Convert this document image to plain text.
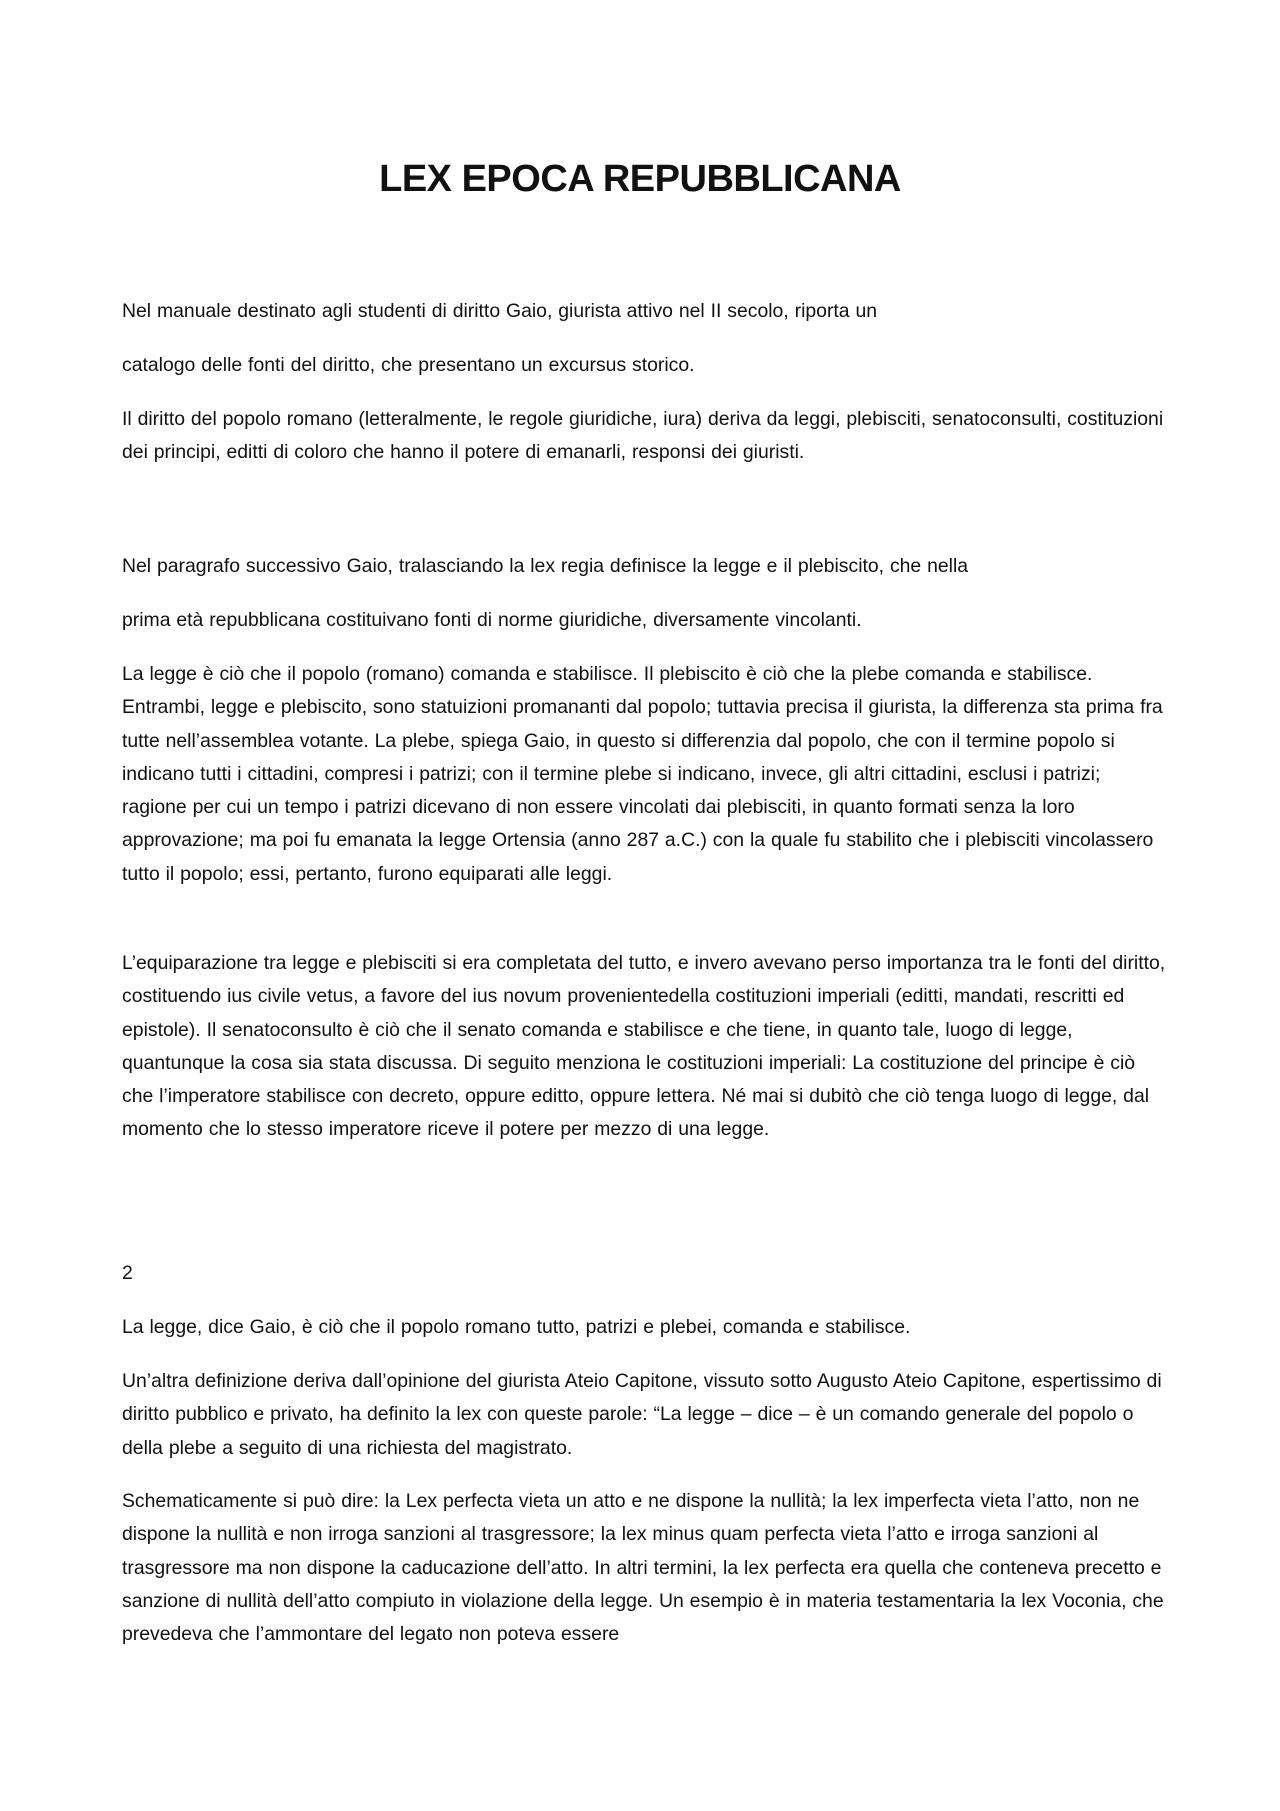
LEX EPOCA REPUBBLICANA

Nel manuale destinato agli studenti di diritto Gaio, giurista attivo nel II secolo, riporta un

catalogo delle fonti del diritto, che presentano un excursus storico.

Il diritto del popolo romano (letteralmente, le regole giuridiche, iura) deriva da leggi, plebisciti, senatoconsulti, costituzioni dei principi, editti di coloro che hanno il potere di emanarli, responsi dei giuristi.

Nel paragrafo successivo Gaio, tralasciando la lex regia definisce la legge e il plebiscito, che nella

prima età repubblicana costituivano fonti di norme giuridiche, diversamente vincolanti.

La legge è ciò che il popolo (romano) comanda e stabilisce. Il plebiscito è ciò che la plebe comanda e stabilisce. Entrambi, legge e plebiscito, sono statuizioni promananti dal popolo; tuttavia precisa il giurista, la differenza sta prima fra tutte nell’assemblea votante. La plebe, spiega Gaio, in questo si differenzia dal popolo, che con il termine popolo si indicano tutti i cittadini, compresi i patrizi; con il termine plebe si indicano, invece, gli altri cittadini, esclusi i patrizi; ragione per cui un tempo i patrizi dicevano di non essere vincolati dai plebisciti, in quanto formati senza la loro approvazione; ma poi fu emanata la legge Ortensia (anno 287 a.C.) con la quale fu stabilito che i plebisciti vincolassero tutto il popolo; essi, pertanto, furono equiparati alle leggi.

L’equiparazione tra legge e plebisciti si era completata del tutto, e invero avevano perso importanza tra le fonti del diritto, costituendo ius civile vetus, a favore del ius novum provenientedella costituzioni imperiali (editti, mandati, rescritti ed epistole). Il senatoconsulto è ciò che il senato comanda e stabilisce e che tiene, in quanto tale, luogo di legge, quantunque la cosa sia stata discussa. Di seguito menziona le costituzioni imperiali: La costituzione del principe è ciò che l’imperatore stabilisce con decreto, oppure editto, oppure lettera. Né mai si dubitò che ciò tenga luogo di legge, dal momento che lo stesso imperatore riceve il potere per mezzo di una legge.

2

La legge, dice Gaio, è ciò che il popolo romano tutto, patrizi e plebei, comanda e stabilisce.

Un’altra definizione deriva dall’opinione del giurista Ateio Capitone, vissuto sotto Augusto Ateio Capitone, espertissimo di diritto pubblico e privato, ha definito la lex con queste parole: “La legge – dice – è un comando generale del popolo o della plebe a seguito di una richiesta del magistrato.

Schematicamente si può dire: la Lex perfecta vieta un atto e ne dispone la nullità; la lex imperfecta vieta l’atto, non ne dispone la nullità e non irroga sanzioni al trasgressore; la lex minus quam perfecta vieta l’atto e irroga sanzioni al trasgressore ma non dispone la caducazione dell’atto. In altri termini, la lex perfecta era quella che conteneva precetto e sanzione di nullità dell’atto compiuto in violazione della legge. Un esempio è in materia testamentaria la lex Voconia, che prevedeva che l’ammontare del legato non poteva essere
